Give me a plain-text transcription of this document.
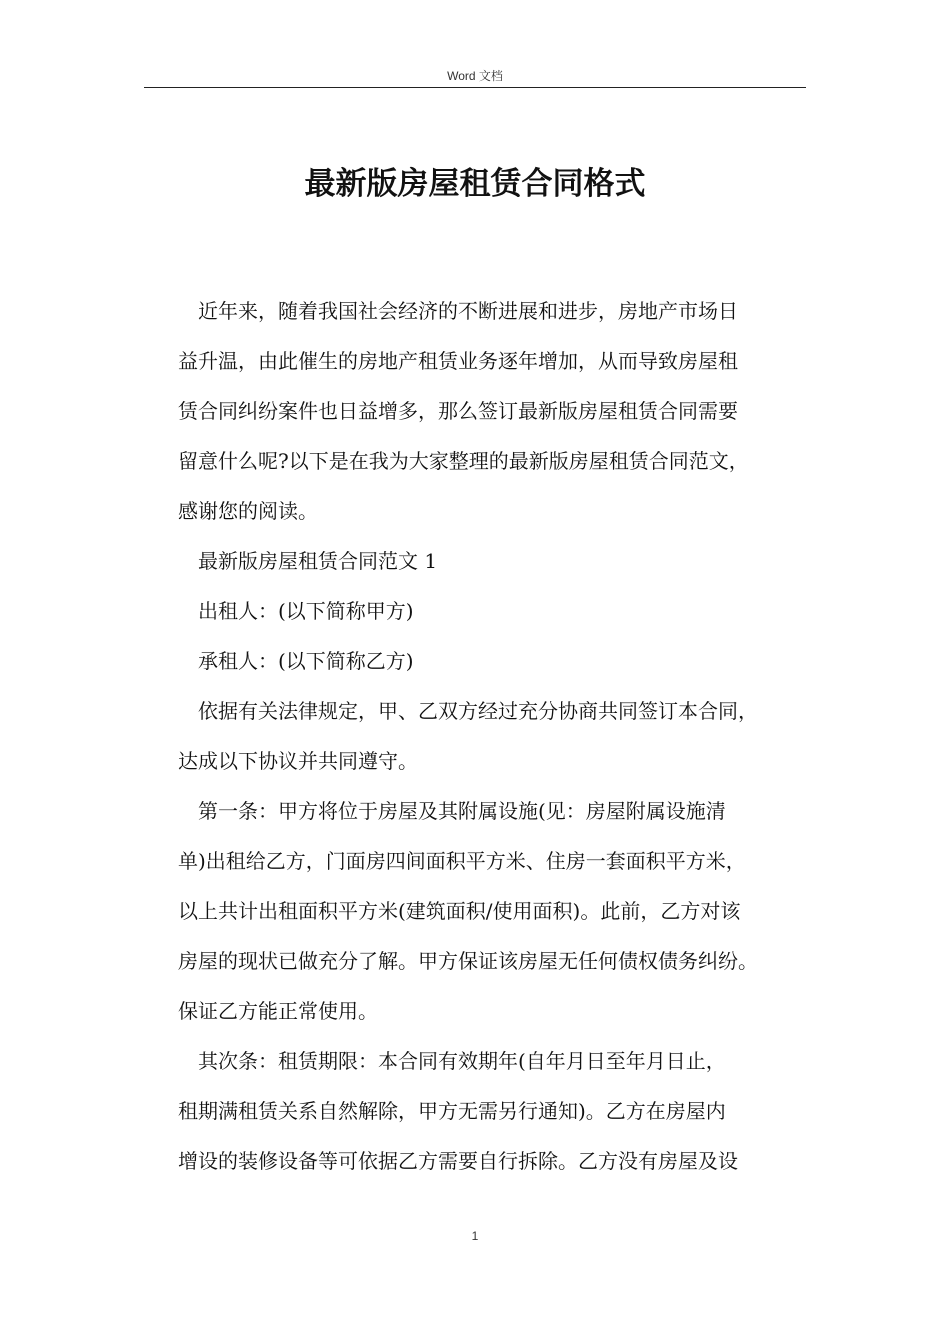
Word 文档
最新版房屋租赁合同格式
近年来，随着我国社会经济的不断进展和进步，房地产市场日
益升温，由此催生的房地产租赁业务逐年增加，从而导致房屋租
赁合同纠纷案件也日益增多，那么签订最新版房屋租赁合同需要
留意什么呢?以下是在我为大家整理的最新版房屋租赁合同范文，
感谢您的阅读。
最新版房屋租赁合同范文 1
出租人：(以下简称甲方)
承租人：(以下简称乙方)
依据有关法律规定，甲、乙双方经过充分协商共同签订本合同，
达成以下协议并共同遵守。
第一条：甲方将位于房屋及其附属设施(见：房屋附属设施清
单)出租给乙方，门面房四间面积平方米、住房一套面积平方米，
以上共计出租面积平方米(建筑面积/使用面积)。此前，乙方对该
房屋的现状已做充分了解。甲方保证该房屋无任何债权债务纠纷。
保证乙方能正常使用。
其次条：租赁期限：本合同有效期年(自年月日至年月日止，
租期满租赁关系自然解除，甲方无需另行通知)。乙方在房屋内
增设的装修设备等可依据乙方需要自行拆除。乙方没有房屋及设
1
